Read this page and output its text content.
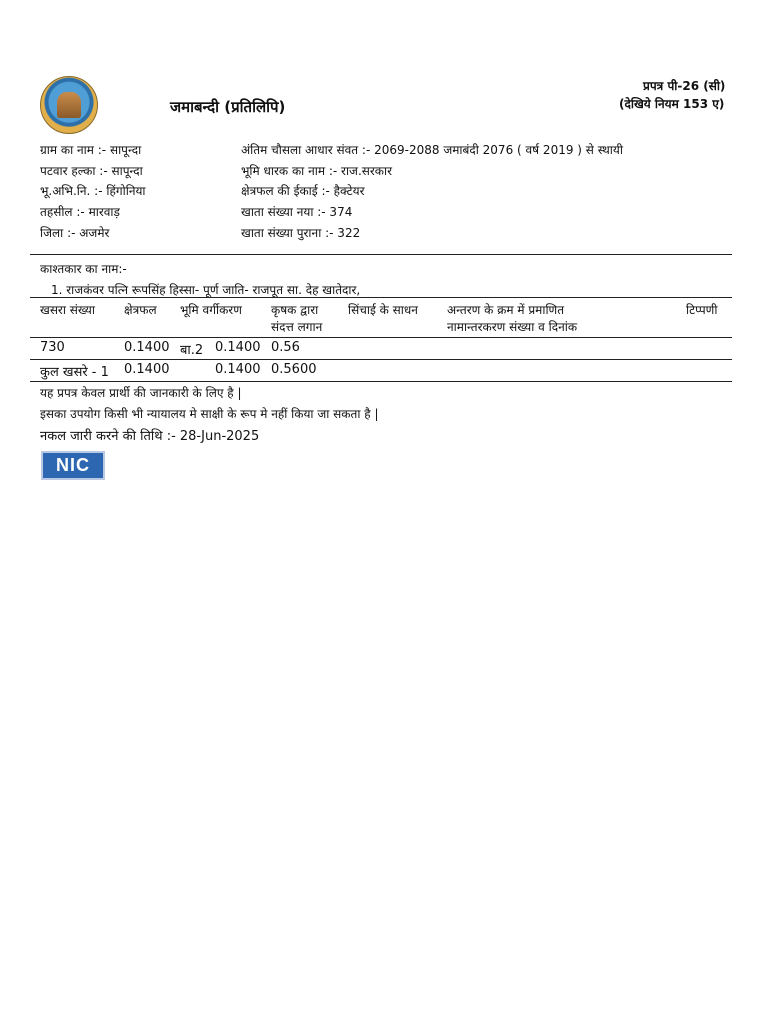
जमाबन्दी (प्रतिलिपि)
प्रपत्र पी-26 (सी)
(देखिये नियम 153 ए)
ग्राम का नाम :- सापून्दा
पटवार हल्का :- सापून्दा
भू.अभि.नि. :- हिंगोनिया
तहसील :- मारवाड़
जिला :- अजमेर
अंतिम चौसला आधार संवत :- 2069-2088 जमाबंदी 2076 ( वर्ष 2019 ) से स्थायी
भूमि धारक का नाम :- राज.सरकार
क्षेत्रफल की ईकाई :- हैक्टेयर
खाता संख्या नया :- 374
खाता संख्या पुराना :- 322
काश्तकार का नाम:-
1. राजकंवर पत्नि रूपसिंह हिस्सा- पूर्ण जाति- राजपूत सा. देह खातेदार,
खसरा संख्या क्षेत्रफल भूमि वर्गीकरण कृषक द्वारा
संदत्त लगान
सिंचाई के साधन अन्तरण के क्रम में प्रमाणित
नामान्तरकरण संख्या व दिनांक
टिप्पणी
730	0.1400 बा.2 0.1400 0.56
कुल खसरे - 1 0.1400	0.1400 0.5600
यह प्रपत्र केवल प्रार्थी की जानकारी के लिए है |
इसका उपयोग किसी भी न्यायालय मे साक्षी के रूप मे नहीं किया जा सकता है |
नकल जारी करने की तिथि :- 28-Jun-2025
NIC
